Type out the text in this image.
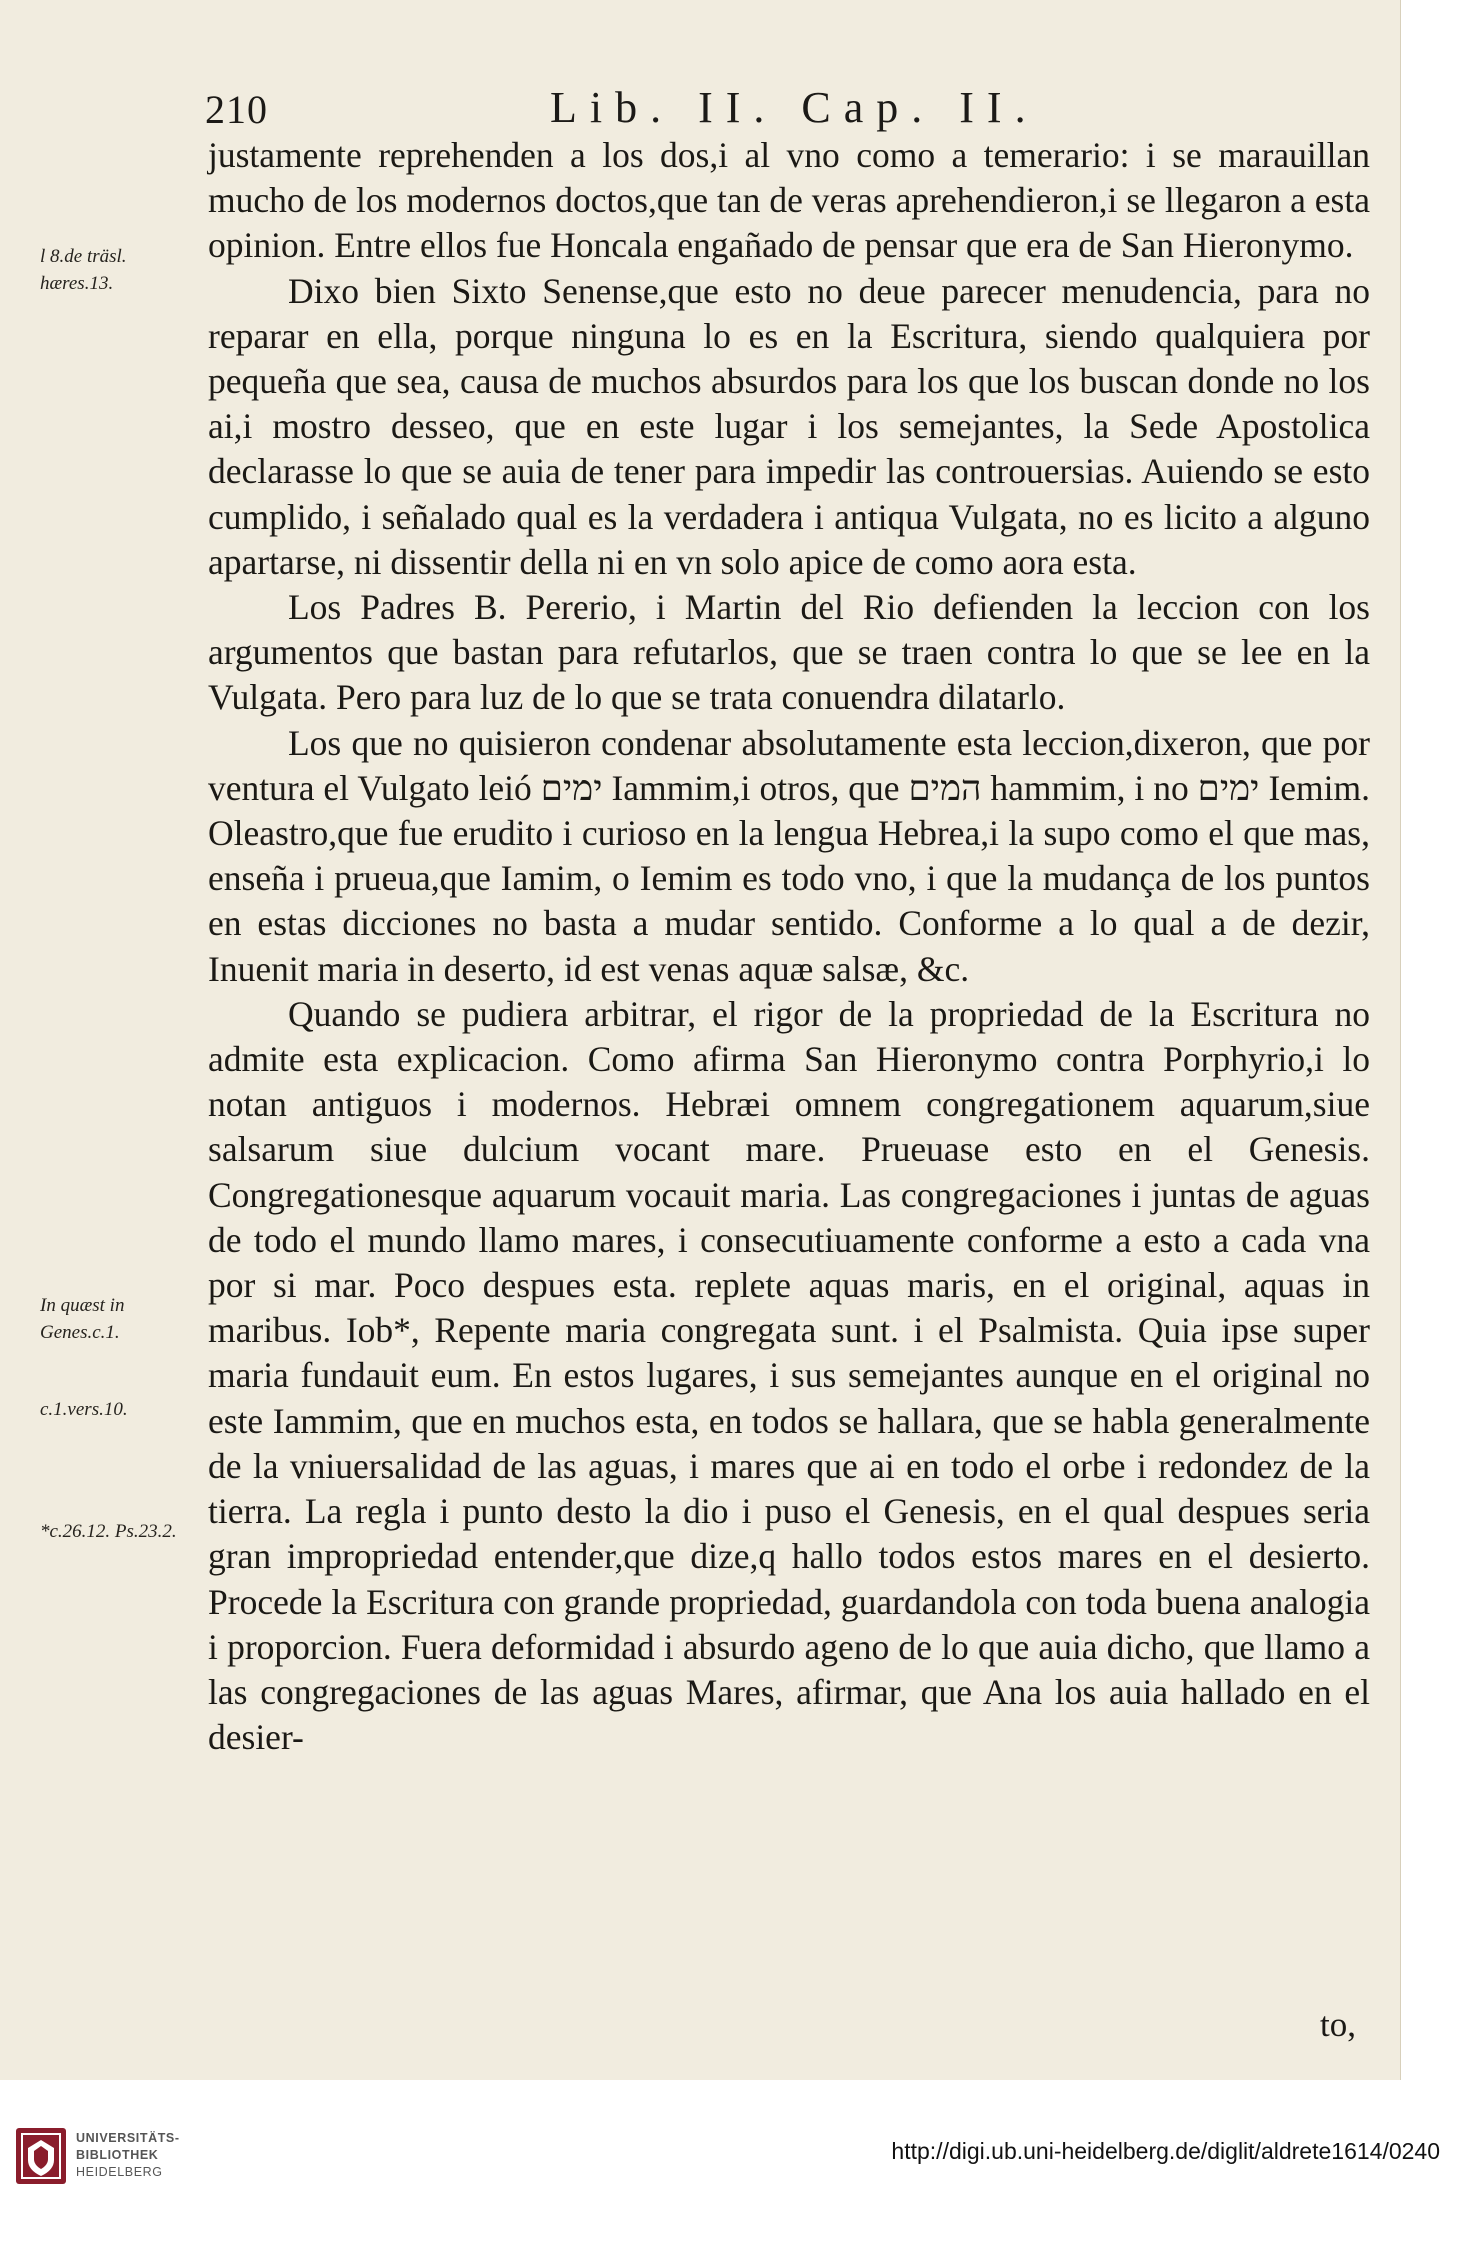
210	Lib. II. Cap. II.
l 8.de träsl. hæres.13.
In quæst in Genes.c.1.
c.1.vers.10.
*c.26.12. Ps.23.2.

justamente reprehenden a los dos,i al vno como a temerario: i se marauillan mucho de los modernos doctos,que tan de veras aprehendieron,i se llegaron a esta opinion. Entre ellos fue Honcala engañado de pensar que era de San Hieronymo.

Dixo bien Sixto Senense,que esto no deue parecer menudencia, para no reparar en ella, porque ninguna lo es en la Escritura, siendo qualquiera por pequeña que sea, causa de muchos absurdos para los que los buscan donde no los ai,i mostro desseo, que en este lugar i los semejantes, la Sede Apostolica declarasse lo que se auia de tener para impedir las controuersias. Auiendo se esto cumplido, i señalado qual es la verdadera i antiqua Vulgata, no es licito a alguno apartarse, ni dissentir della ni en vn solo apice de como aora esta.

Los Padres B. Pererio, i Martin del Rio defienden la leccion con los argumentos que bastan para refutarlos, que se traen contra lo que se lee en la Vulgata. Pero para luz de lo que se trata conuendra dilatarlo.

Los que no quisieron condenar absolutamente esta leccion,dixeron, que por ventura el Vulgato leió ימים Iammim,i otros, que המים hammim, i no ימים Iemim. Oleastro,que fue erudito i curioso en la lengua Hebrea,i la supo como el que mas, enseña i prueua,que Iamim, o Iemim es todo vno, i que la mudança de los puntos en estas dicciones no basta a mudar sentido. Conforme a lo qual a de dezir, Inuenit maria in deserto, id est venas aquæ salsæ, &c.

Quando se pudiera arbitrar, el rigor de la propriedad de la Escritura no admite esta explicacion. Como afirma San Hieronymo contra Porphyrio,i lo notan antiguos i modernos. Hebræi omnem congregationem aquarum,siue salsarum siue dulcium vocant mare. Prueuase esto en el Genesis. Congregationesque aquarum vocauit maria. Las congregaciones i juntas de aguas de todo el mundo llamo mares, i consecutiuamente conforme a esto a cada vna por si mar. Poco despues esta. replete aquas maris, en el original, aquas in maribus. Iob*, Repente maria congregata sunt. i el Psalmista. Quia ipse super maria fundauit eum. En estos lugares, i sus semejantes aunque en el original no este Iammim, que en muchos esta, en todos se hallara, que se habla generalmente de la vniuersalidad de las aguas, i mares que ai en todo el orbe i redondez de la tierra. La regla i punto desto la dio i puso el Genesis, en el qual despues seria gran impropriedad entender,que dize,q hallo todos estos mares en el desierto. Procede la Escritura con grande propriedad, guardandola con toda buena analogia i proporcion. Fuera deformidad i absurdo ageno de lo que auia dicho, que llamo a las congregaciones de las aguas Mares, afirmar, que Ana los auia hallado en el desier-

to,
UNIVERSITÄTS-
BIBLIOTHEK
HEIDELBERG
http://digi.ub.uni-heidelberg.de/diglit/aldrete1614/0240
